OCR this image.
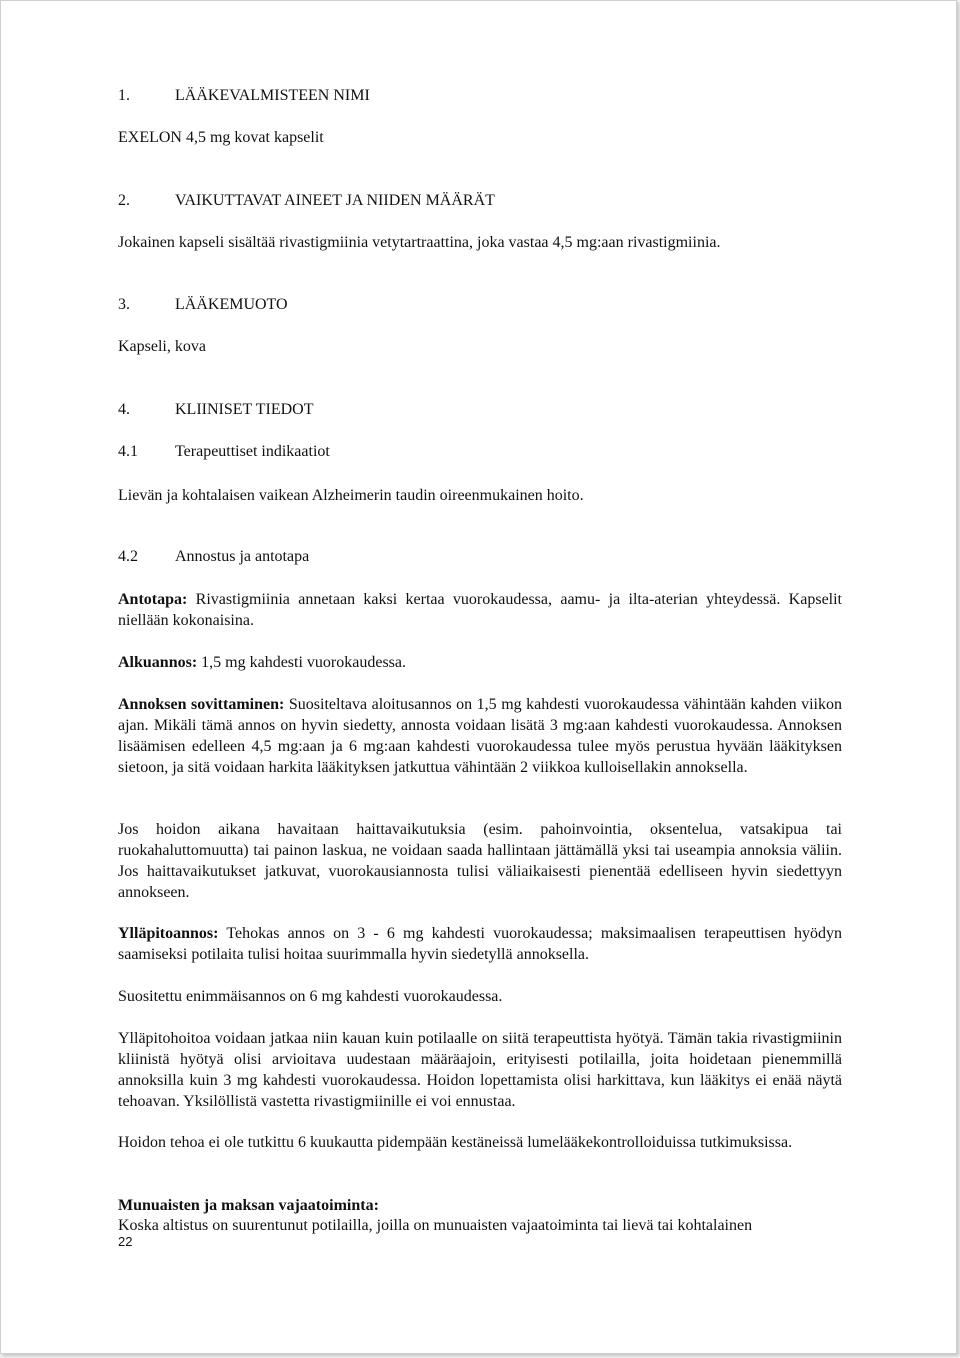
1.	LÄÄKEVALMISTEEN NIMI
EXELON 4,5 mg kovat kapselit
2.	VAIKUTTAVAT AINEET JA NIIDEN MÄÄRÄT
Jokainen kapseli sisältää rivastigmiinia vetytartraattina, joka vastaa 4,5 mg:aan rivastigmiinia.
3.	LÄÄKEMUOTO
Kapseli, kova
4.	KLIINISET TIEDOT
4.1 Terapeuttiset indikaatiot
Lievän ja kohtalaisen vaikean Alzheimerin taudin oireenmukainen hoito.
4.2 Annostus ja antotapa

Antotapa: Rivastigmiinia annetaan kaksi kertaa vuorokaudessa, aamu- ja ilta-aterian yhteydessä. Kapselit niellään kokonaisina.

Alkuannos: 1,5 mg kahdesti vuorokaudessa.

Annoksen sovittaminen: Suositeltava aloitusannos on 1,5 mg kahdesti vuorokaudessa vähintään kahden viikon ajan. Mikäli tämä annos on hyvin siedetty, annosta voidaan lisätä 3 mg:aan kahdesti vuorokaudessa. Annoksen lisäämisen edelleen 4,5 mg:aan ja 6 mg:aan kahdesti vuorokaudessa tulee myös perustua hyvään lääkityksen sietoon, ja sitä voidaan harkita lääkityksen jatkuttua vähintään 2 viikkoa kulloisellakin annoksella.

Jos hoidon aikana havaitaan haittavaikutuksia (esim. pahoinvointia, oksentelua, vatsakipua tai ruokahaluttomuutta) tai painon laskua, ne voidaan saada hallintaan jättämällä yksi tai useampia annoksia väliin. Jos haittavaikutukset jatkuvat, vuorokausiannosta tulisi väliaikaisesti pienentää edelliseen hyvin siedettyyn annokseen.

Ylläpitoannos: Tehokas annos on 3 - 6 mg kahdesti vuorokaudessa; maksimaalisen terapeuttisen hyödyn saamiseksi potilaita tulisi hoitaa suurimmalla hyvin siedetyllä annoksella.

Suositettu enimmäisannos on 6 mg kahdesti vuorokaudessa.

Ylläpitohoitoa voidaan jatkaa niin kauan kuin potilaalle on siitä terapeuttista hyötyä. Tämän takia rivastigmiinin kliinistä hyötyä olisi arvioitava uudestaan määräajoin, erityisesti potilailla, joita hoidetaan pienemmillä annoksilla kuin 3 mg kahdesti vuorokaudessa. Hoidon lopettamista olisi harkittava, kun lääkitys ei enää näytä tehoavan. Yksilöllistä vastetta rivastigmiinille ei voi ennustaa.

Hoidon tehoa ei ole tutkittu 6 kuukautta pidempään kestäneissä lumelääkekontrolloiduissa tutkimuksissa.

Munuaisten ja maksan vajaatoiminta:

Koska altistus on suurentunut potilailla, joilla on munuaisten vajaatoiminta tai lievä tai kohtalainen

22
